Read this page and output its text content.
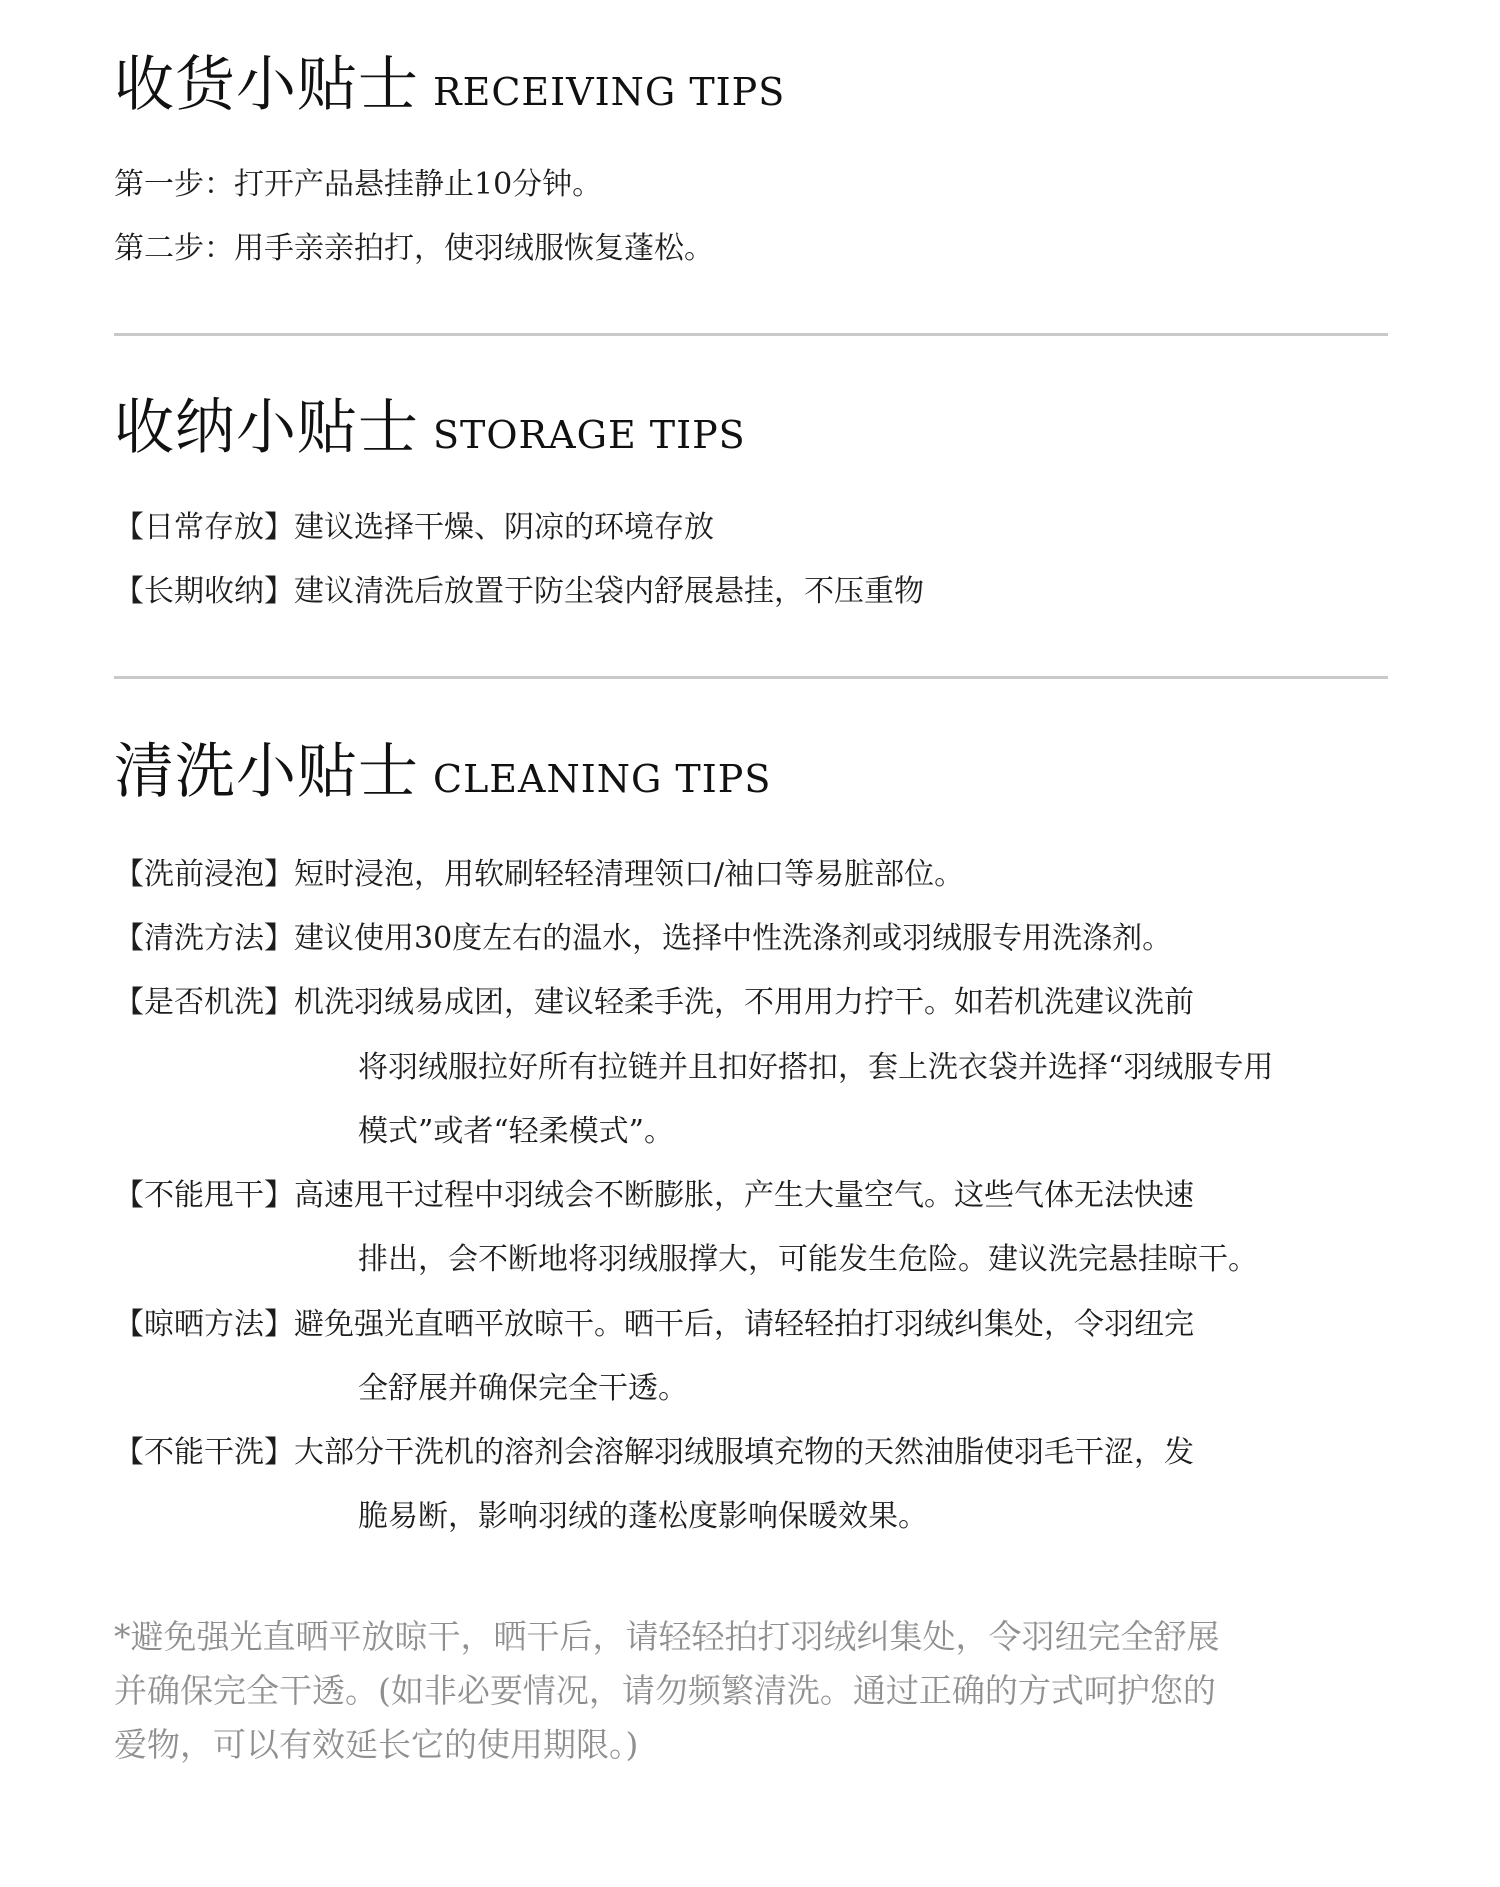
收货小贴士 RECEIVING TIPS
第一步：打开产品悬挂静止10分钟。
第二步：用手亲亲拍打，使羽绒服恢复蓬松。
收纳小贴士 STORAGE TIPS
【日常存放】建议选择干燥、阴凉的环境存放
【长期收纳】建议清洗后放置于防尘袋内舒展悬挂，不压重物
清洗小贴士 CLEANING TIPS
【洗前浸泡】短时浸泡，用软刷轻轻清理领口/袖口等易脏部位。
【清洗方法】建议使用30度左右的温水，选择中性洗涤剂或羽绒服专用洗涤剂。
【是否机洗】机洗羽绒易成团，建议轻柔手洗，不用用力拧干。如若机洗建议洗前
将羽绒服拉好所有拉链并且扣好搭扣，套上洗衣袋并选择“羽绒服专用
模式”或者“轻柔模式”。
【不能甩干】高速甩干过程中羽绒会不断膨胀，产生大量空气。这些气体无法快速
排出，会不断地将羽绒服撑大，可能发生危险。建议洗完悬挂晾干。
【晾晒方法】避免强光直晒平放晾干。晒干后，请轻轻拍打羽绒纠集处，令羽纽完
全舒展并确保完全干透。
【不能干洗】大部分干洗机的溶剂会溶解羽绒服填充物的天然油脂使羽毛干涩，发
脆易断，影响羽绒的蓬松度影响保暖效果。
*避免强光直晒平放晾干，晒干后，请轻轻拍打羽绒纠集处，令羽纽完全舒展
并确保完全干透。(如非必要情况，请勿频繁清洗。通过正确的方式呵护您的
爱物，可以有效延长它的使用期限。)
